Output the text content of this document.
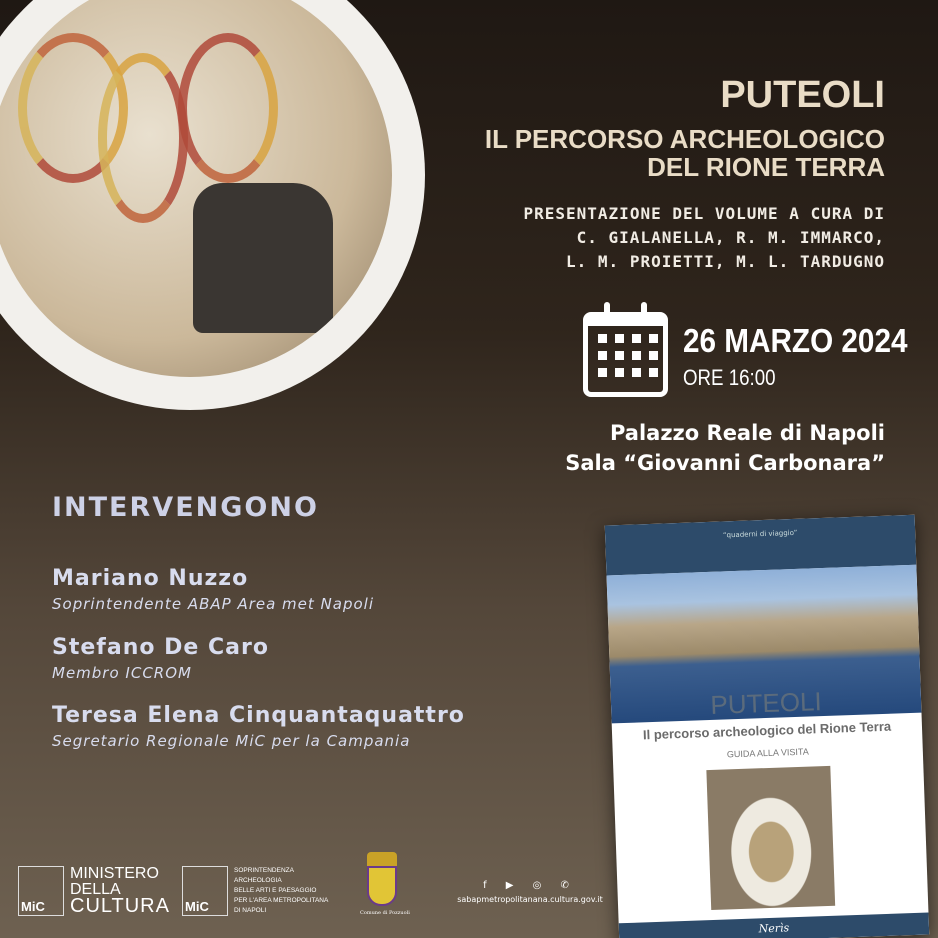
PUTEOLI
IL PERCORSO ARCHEOLOGICO
DEL RIONE TERRA
PRESENTAZIONE DEL VOLUME A CURA DI
C. GIALANELLA, R. M. IMMARCO,
L. M. PROIETTI, M. L. TARDUGNO
26 MARZO 2024
ORE 16:00
Palazzo Reale di Napoli
Sala “Giovanni Carbonara”
INTERVENGONO
Mariano Nuzzo
Soprintendente ABAP Area met Napoli
Stefano De Caro
Membro ICCROM
Teresa Elena Cinquantaquattro
Segretario Regionale MiC per la Campania
“quaderni di viaggio”
PUTEOLI
Il percorso archeologico del Rione Terra
GUIDA ALLA VISITA
Nerìs
MiC
MINISTERO
DELLA
CULTURA MiC
SOPRINTENDENZA
ARCHEOLOGIA
BELLE ARTI E PAESAGGIO
PER L'AREA METROPOLITANA
DI NAPOLI	Comune di Pozzuoli
f ▶ ◎ ✆
sabapmetropolitanana.cultura.gov.it
